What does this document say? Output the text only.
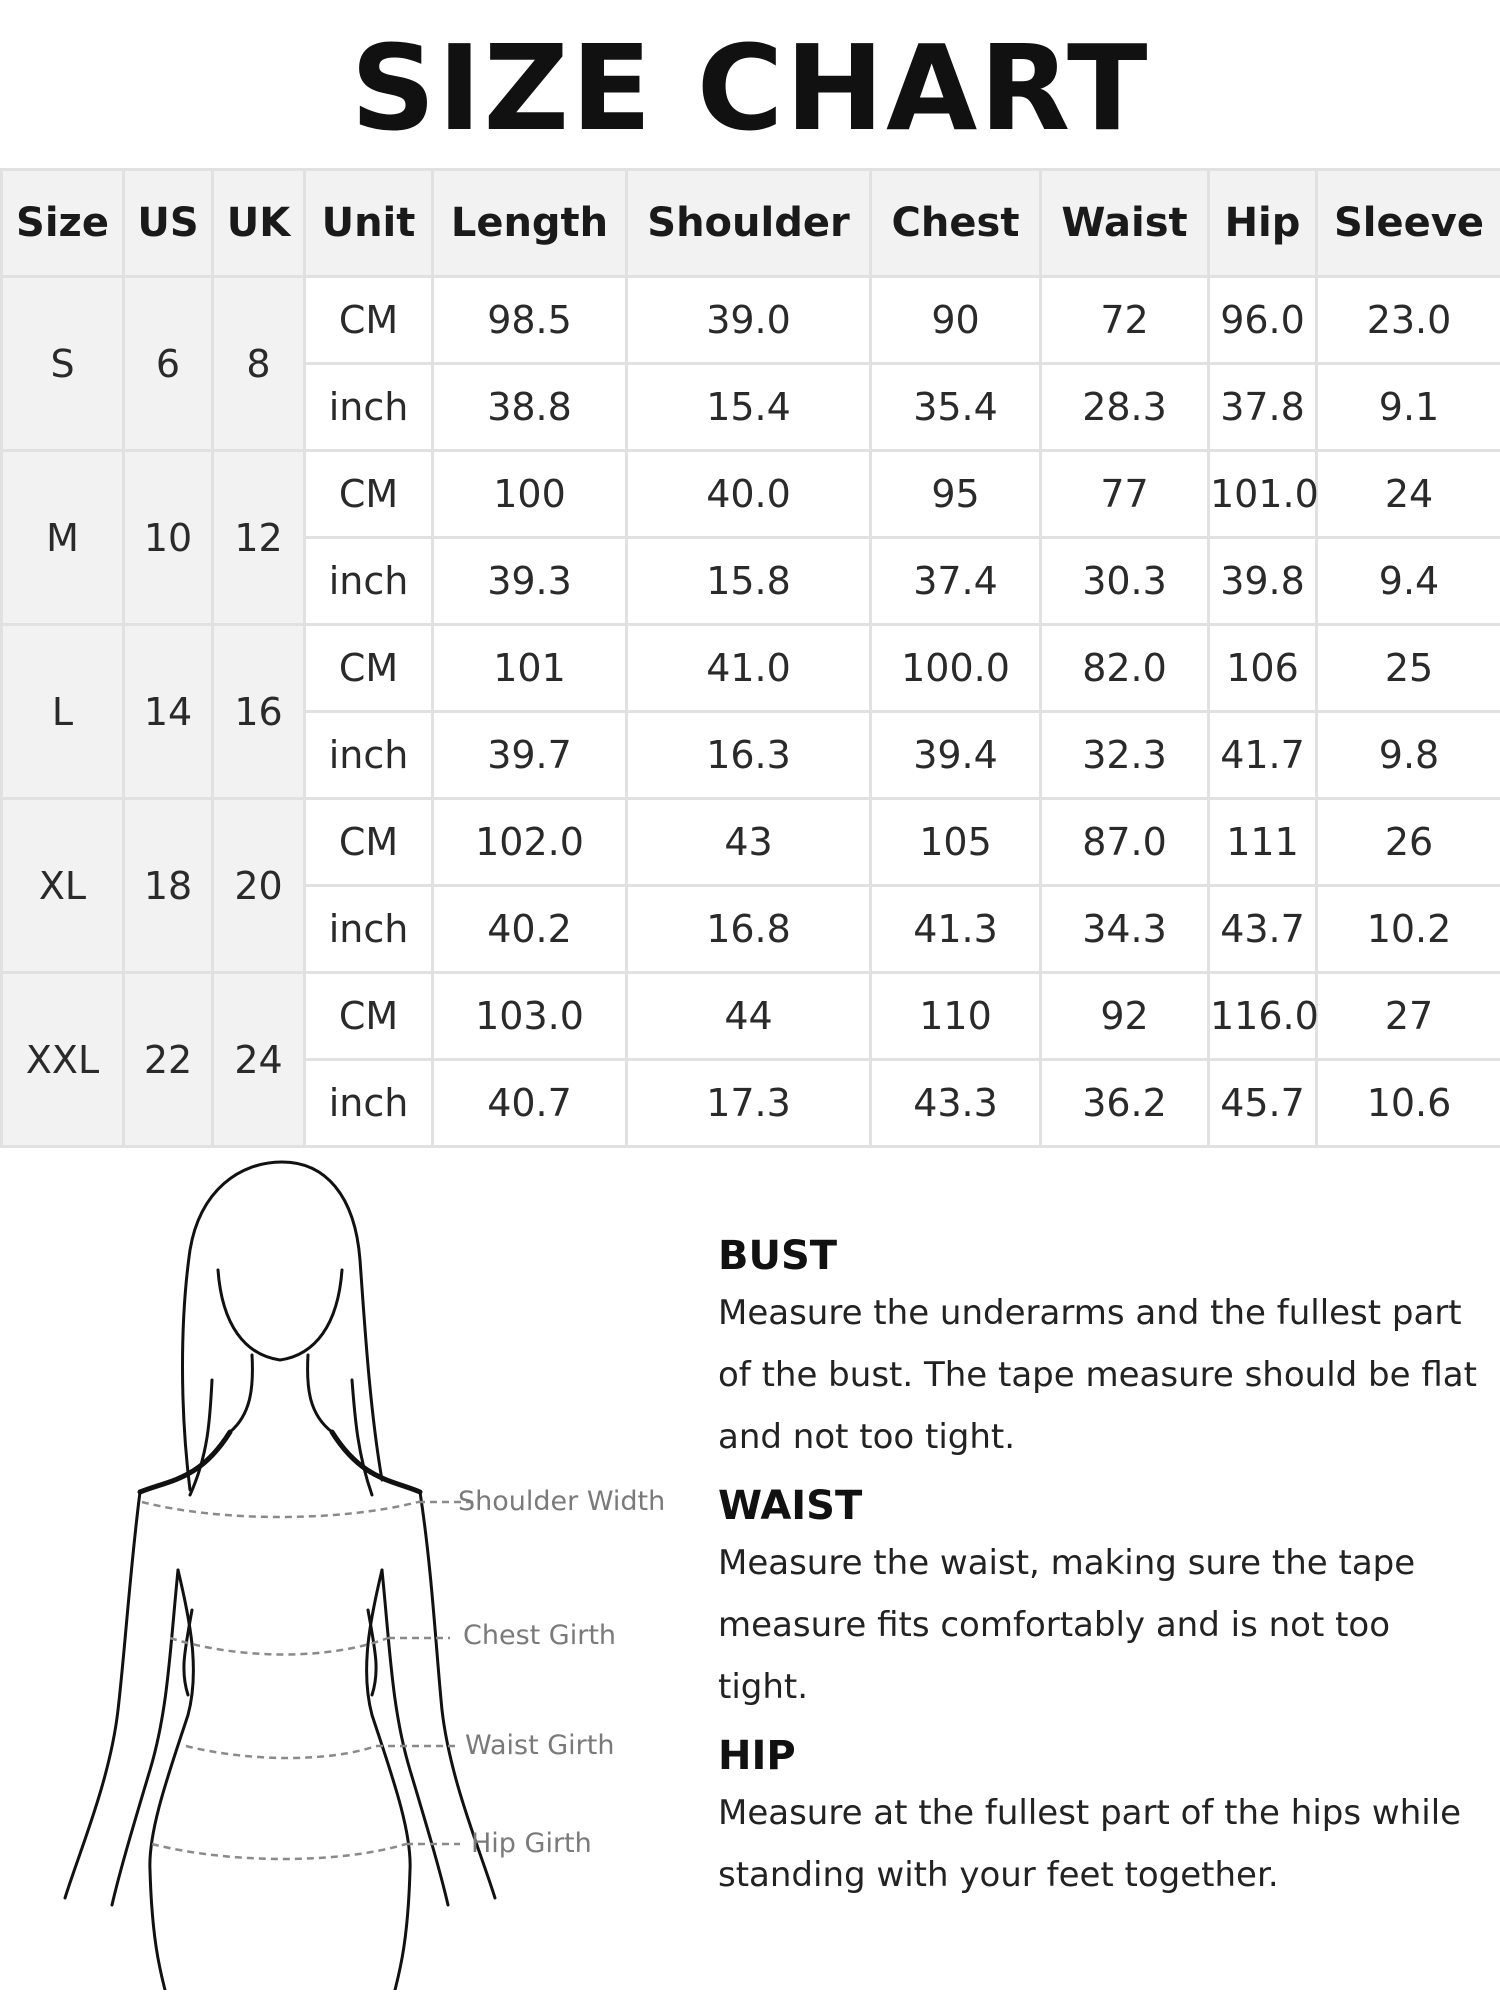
SIZE CHART
Size	US	UK	Unit	Length	Shoulder	Chest	Waist	Hip	Sleeve
S	6	8	CM	98.5	39.0	90	72	96.0	23.0
			inch	38.8	15.4	35.4	28.3	37.8	9.1
M	10	12	CM	100	40.0	95	77	101.0	24
			inch	39.3	15.8	37.4	30.3	39.8	9.4
L	14	16	CM	101	41.0	100.0	82.0	106	25
			inch	39.7	16.3	39.4	32.3	41.7	9.8
XL	18	20	CM	102.0	43	105	87.0	111	26
			inch	40.2	16.8	41.3	34.3	43.7	10.2
XXL	22	24	CM	103.0	44	110	92	116.0	27
			inch	40.7	17.3	43.3	36.2	45.7	10.6
Shoulder Width
Chest Girth
Waist Girth
Hip Girth
BUST

Measure the underarms and the fullest part of the bust. The tape measure should be flat and not too tight.

WAIST

Measure the waist, making sure the tape measure fits comfortably and is not too tight.

HIP

Measure at the fullest part of the hips while standing with your feet together.
